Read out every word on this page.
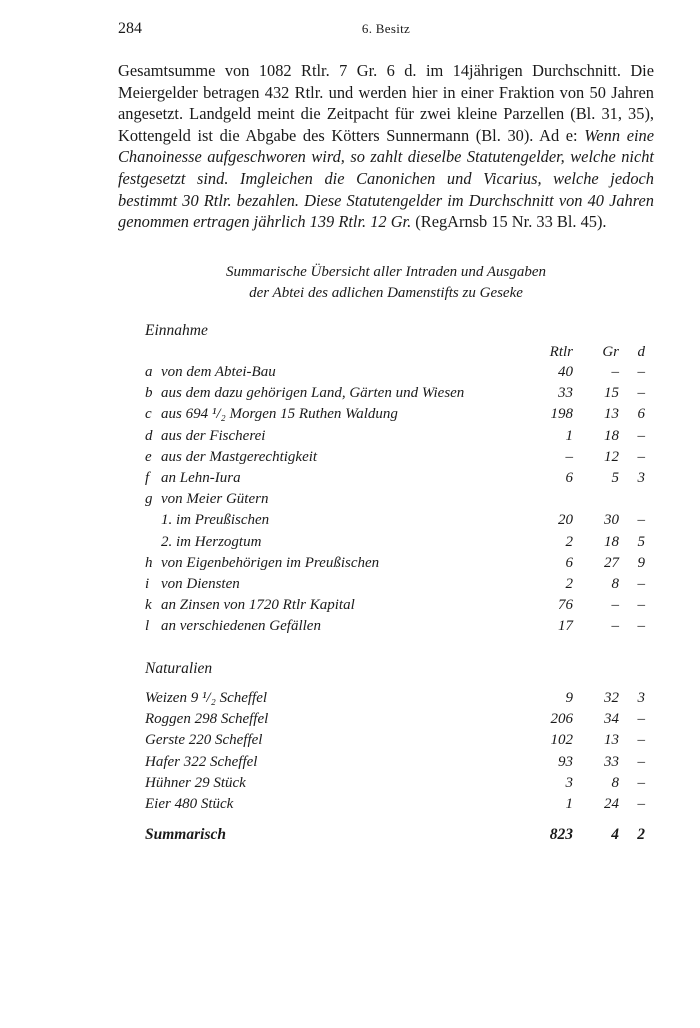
284	6. Besitz

Gesamtsumme von 1082 Rtlr. 7 Gr. 6 d. im 14jährigen Durchschnitt. Die Meiergelder betragen 432 Rtlr. und werden hier in einer Fraktion von 50 Jahren angesetzt. Landgeld meint die Zeitpacht für zwei kleine Parzellen (Bl. 31, 35), Kottengeld ist die Abgabe des Kötters Sunnermann (Bl. 30). Ad e: Wenn eine Chanoinesse aufgeschworen wird, so zahlt dieselbe Statutengelder, welche nicht festgesetzt sind. Imgleichen die Canonichen und Vicarius, welche jedoch bestimmt 30 Rtlr. bezahlen. Diese Statutengelder im Durchschnitt von 40 Jahren genommen ertragen jährlich 139 Rtlr. 12 Gr. (RegArnsb 15 Nr. 33 Bl. 45).

Summarische Übersicht aller Intraden und Ausgaben

der Abtei des adlichen Damenstifts zu Geseke

Einnahme
Rtlr	Gr	d
a von dem Abtei-Bau	40	–	–
b aus dem dazu gehörigen Land, Gärten und Wiesen	33	15	–
c aus 694 ¹/₂ Morgen 15 Ruthen Waldung	198	13	6
d aus der Fischerei	1	18	–
e aus der Mastgerechtigkeit	–	12	–
f an Lehn-Iura	6	5	3
g von Meier Gütern
1. im Preußischen	20	30	–
2. im Herzogtum	2	18	5
h von Eigenbehörigen im Preußischen	6	27	9
i von Diensten	2	8	–
k an Zinsen von 1720 Rtlr Kapital	76	–	–
l an verschiedenen Gefällen	17	–	–
Naturalien
Weizen 9 ¹/₂ Scheffel	9	32	3
Roggen 298 Scheffel	206	34	–
Gerste 220 Scheffel	102	13	–
Hafer 322 Scheffel	93	33	–
Hühner 29 Stück	3	8	–
Eier 480 Stück	1	24	–
Summarisch	823	4	2
